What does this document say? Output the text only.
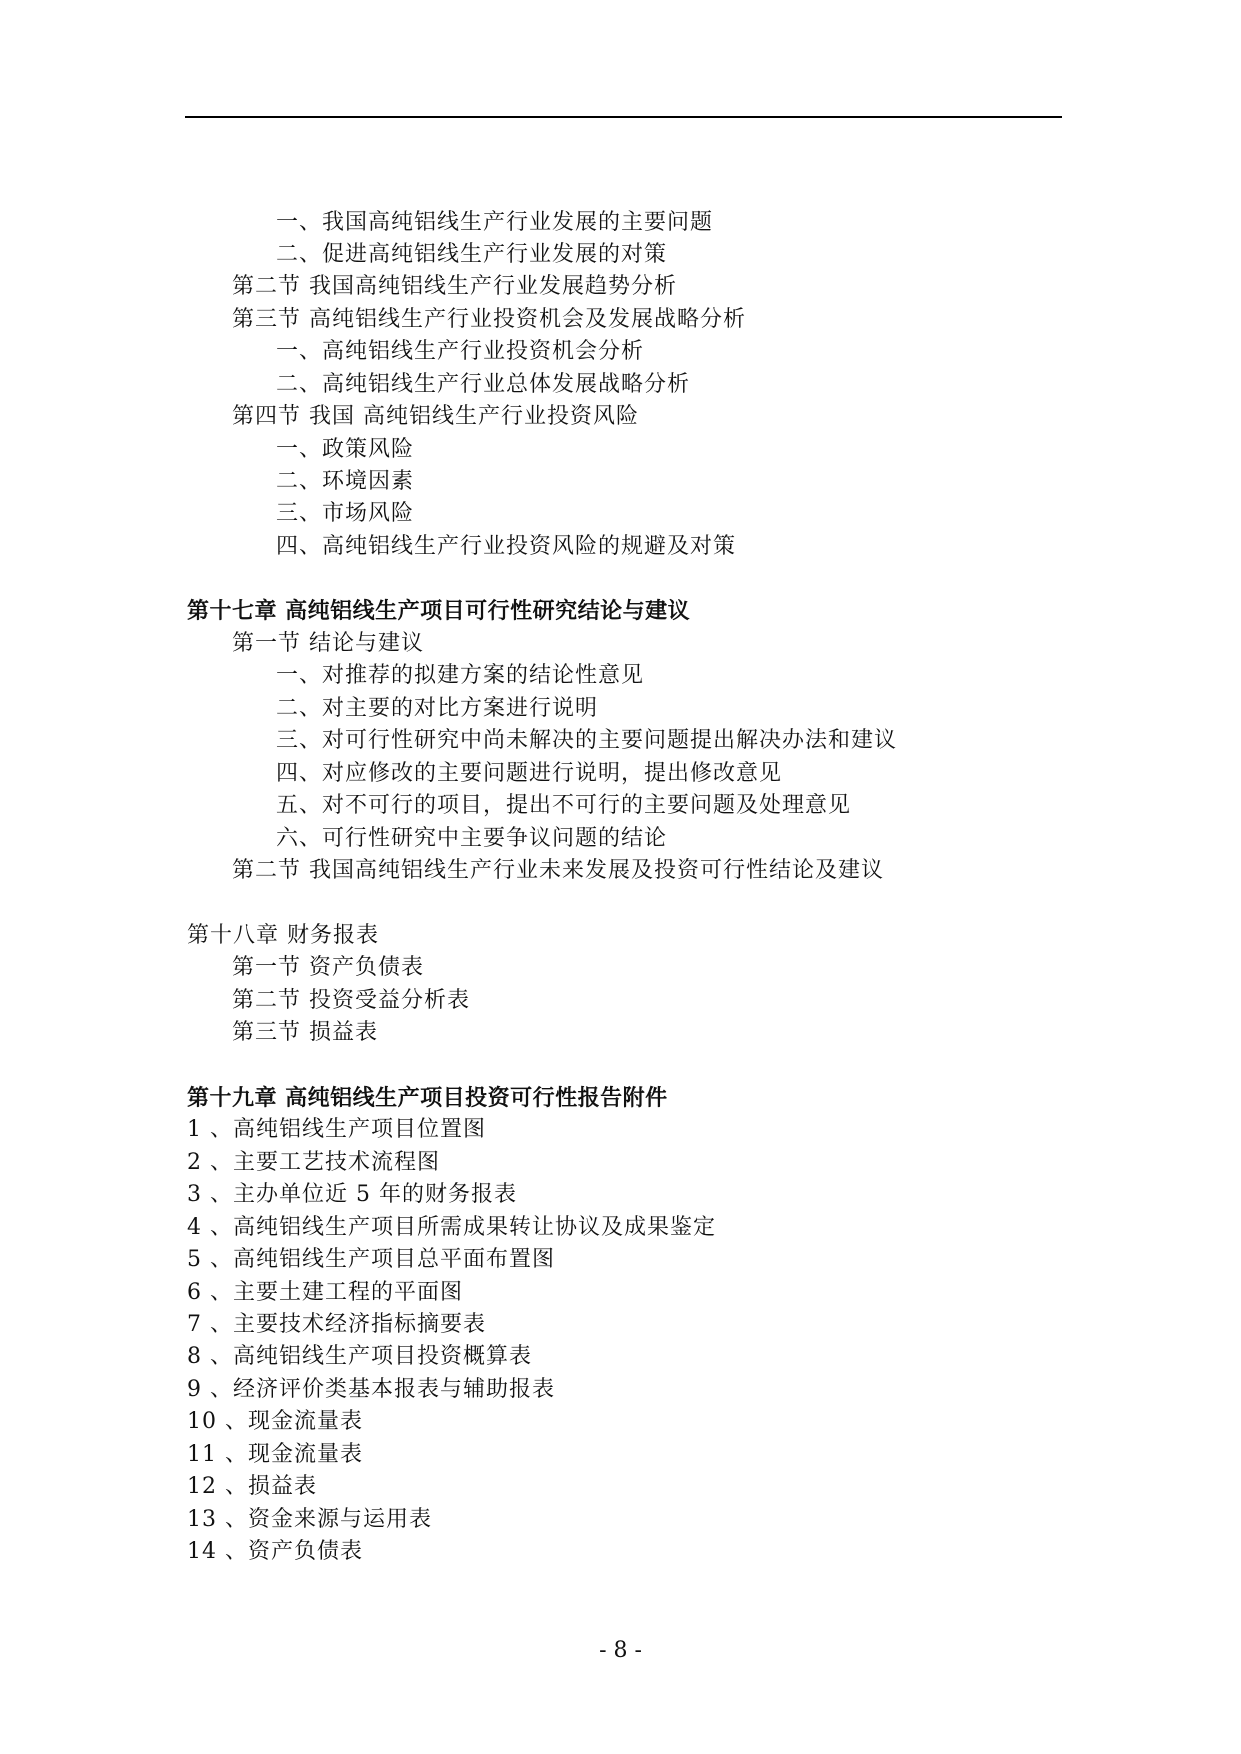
一、我国高纯铝线生产行业发展的主要问题
二、促进高纯铝线生产行业发展的对策
第二节 我国高纯铝线生产行业发展趋势分析
第三节 高纯铝线生产行业投资机会及发展战略分析
一、高纯铝线生产行业投资机会分析
二、高纯铝线生产行业总体发展战略分析
第四节 我国 高纯铝线生产行业投资风险
一、政策风险
二、环境因素
三、市场风险
四、高纯铝线生产行业投资风险的规避及对策
第十七章 高纯铝线生产项目可行性研究结论与建议
第一节 结论与建议
一、对推荐的拟建方案的结论性意见
二、对主要的对比方案进行说明
三、对可行性研究中尚未解决的主要问题提出解决办法和建议
四、对应修改的主要问题进行说明，提出修改意见
五、对不可行的项目，提出不可行的主要问题及处理意见
六、可行性研究中主要争议问题的结论
第二节 我国高纯铝线生产行业未来发展及投资可行性结论及建议
第十八章 财务报表
第一节 资产负债表
第二节 投资受益分析表
第三节 损益表
第十九章 高纯铝线生产项目投资可行性报告附件
1 、高纯铝线生产项目位置图
2 、主要工艺技术流程图
3 、主办单位近 5 年的财务报表
4 、高纯铝线生产项目所需成果转让协议及成果鉴定
5 、高纯铝线生产项目总平面布置图
6 、主要土建工程的平面图
7 、主要技术经济指标摘要表
8 、高纯铝线生产项目投资概算表
9 、经济评价类基本报表与辅助报表
10 、现金流量表
11 、现金流量表
12 、损益表
13 、资金来源与运用表
14 、资产负债表
- 8 -
